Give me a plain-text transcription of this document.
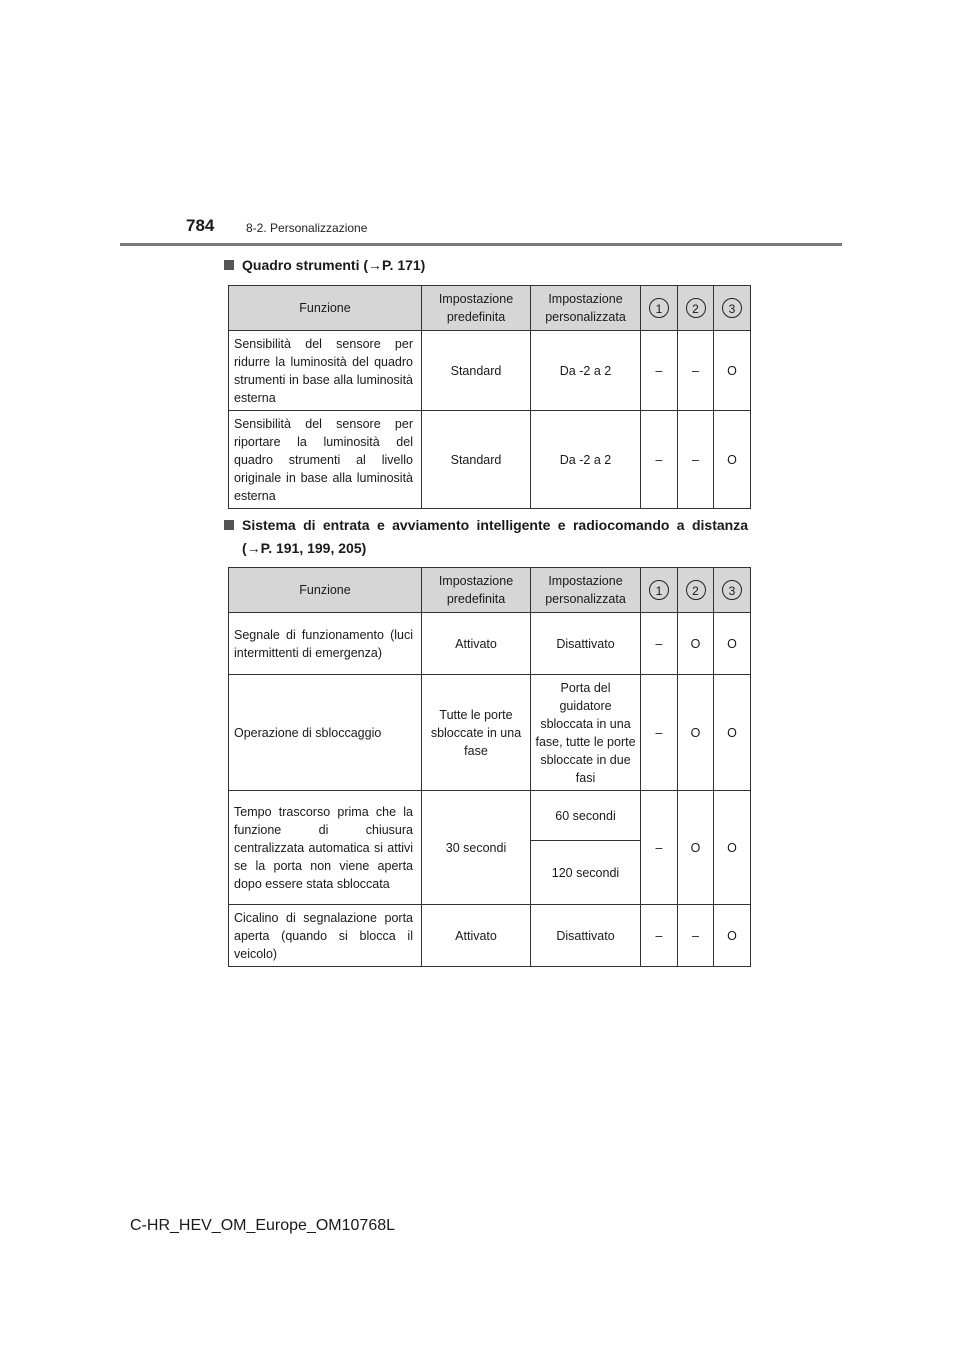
784	8-2. Personalizzazione
Quadro strumenti (→P. 171)
Funzione	Impostazione predefinita	Impostazione personalizzata	1	2	3
Sensibilità del sensore per ridurre la luminosità del quadro strumenti in base alla luminosità esterna	Standard	Da -2 a 2	–	–	O
Sensibilità del sensore per riportare la luminosità del quadro strumenti al livello originale in base alla luminosità esterna	Standard	Da -2 a 2	–	–	O
Sistema di entrata e avviamento intelligente e radiocomando a distanza (→P. 191, 199, 205)
Funzione	Impostazione predefinita	Impostazione personalizzata	1	2	3
Segnale di funzionamento (luci intermittenti di emergenza)	Attivato	Disattivato	–	O	O
Operazione di sbloccaggio	Tutte le porte sbloccate in una fase	Porta del guidatore sbloccata in una fase, tutte le porte sbloccate in due fasi	–	O	O
Tempo trascorso prima che la funzione di chiusura centralizzata automatica si attivi se la porta non viene aperta dopo essere stata sbloccata	30 secondi	60 secondi	–	O	O
		120 secondi			
Cicalino di segnalazione porta aperta (quando si blocca il veicolo)	Attivato	Disattivato	–	–	O
C-HR_HEV_OM_Europe_OM10768L
